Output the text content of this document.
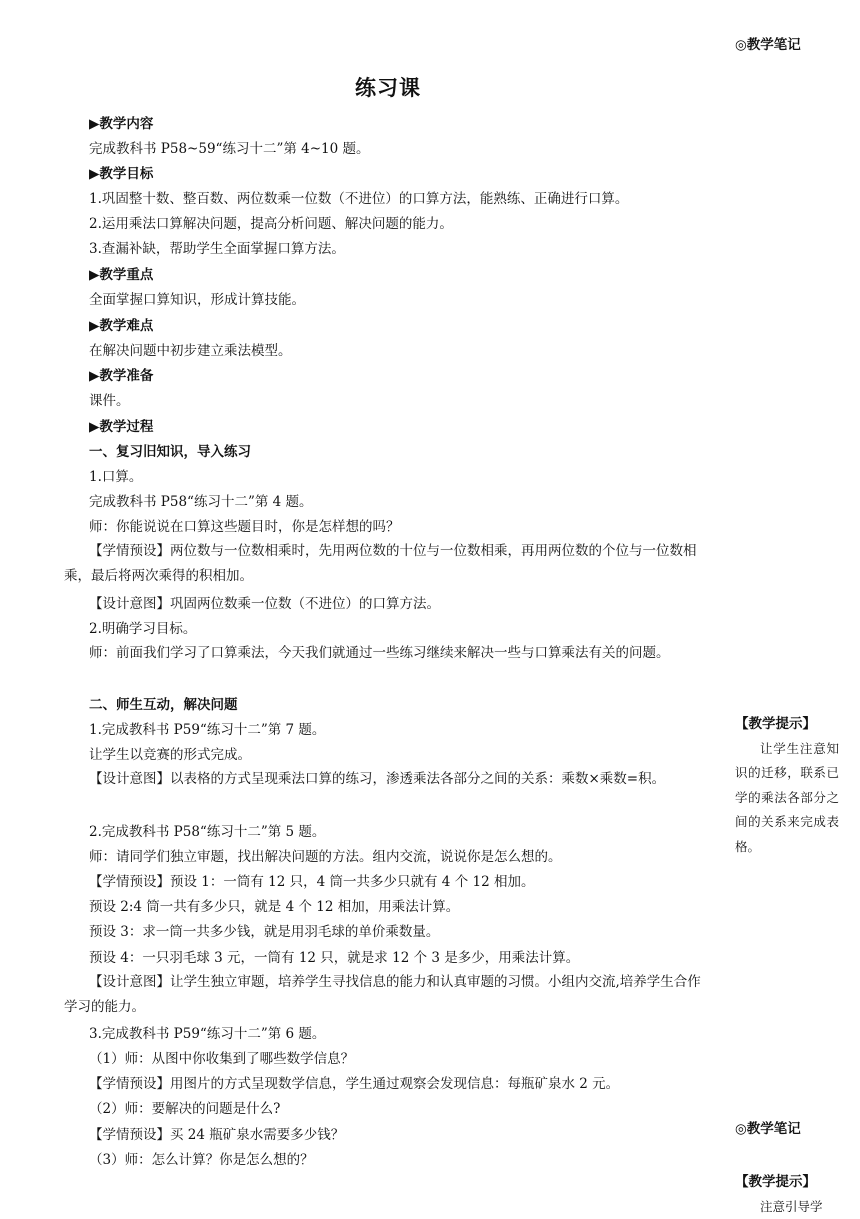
◎教学笔记
练习课
▶教学内容
完成教科书 P58~59“练习十二”第 4~10 题。
▶教学目标
1.巩固整十数、整百数、两位数乘一位数（不进位）的口算方法，能熟练、正确进行口算。
2.运用乘法口算解决问题，提高分析问题、解决问题的能力。
3.查漏补缺，帮助学生全面掌握口算方法。
▶教学重点
全面掌握口算知识，形成计算技能。
▶教学难点
在解决问题中初步建立乘法模型。
▶教学准备
课件。
▶教学过程
一、复习旧知识，导入练习
1.口算。
完成教科书 P58“练习十二”第 4 题。
师：你能说说在口算这些题目时，你是怎样想的吗？
【学情预设】两位数与一位数相乘时，先用两位数的十位与一位数相乘，再用两位数的个位与一位数相乘，最后将两次乘得的积相加。
【设计意图】巩固两位数乘一位数（不进位）的口算方法。
2.明确学习目标。
师：前面我们学习了口算乘法，今天我们就通过一些练习继续来解决一些与口算乘法有关的问题。
二、师生互动，解决问题
1.完成教科书 P59“练习十二”第 7 题。
让学生以竞赛的形式完成。
【设计意图】以表格的方式呈现乘法口算的练习，渗透乘法各部分之间的关系：乘数×乘数=积。
2.完成教科书 P58“练习十二”第 5 题。
师：请同学们独立审题，找出解决问题的方法。组内交流，说说你是怎么想的。
【学情预设】预设 1：一筒有 12 只，4 筒一共多少只就有 4 个 12 相加。
预设 2:4 筒一共有多少只，就是 4 个 12 相加，用乘法计算。
预设 3：求一筒一共多少钱，就是用羽毛球的单价乘数量。
预设 4：一只羽毛球 3 元，一筒有 12 只，就是求 12 个 3 是多少，用乘法计算。
【设计意图】让学生独立审题，培养学生寻找信息的能力和认真审题的习惯。小组内交流,培养学生合作学习的能力。
3.完成教科书 P59“练习十二”第 6 题。
（1）师：从图中你收集到了哪些数学信息？
【学情预设】用图片的方式呈现数学信息，学生通过观察会发现信息：每瓶矿泉水 2 元。
（2）师：要解决的问题是什么?
【学情预设】买 24 瓶矿泉水需要多少钱？
（3）师：怎么计算？你是怎么想的？
【教学提示】

让学生注意知识的迁移，联系已学的乘法各部分之间的关系来完成表格。

◎教学笔记
【教学提示】

注意引导学
